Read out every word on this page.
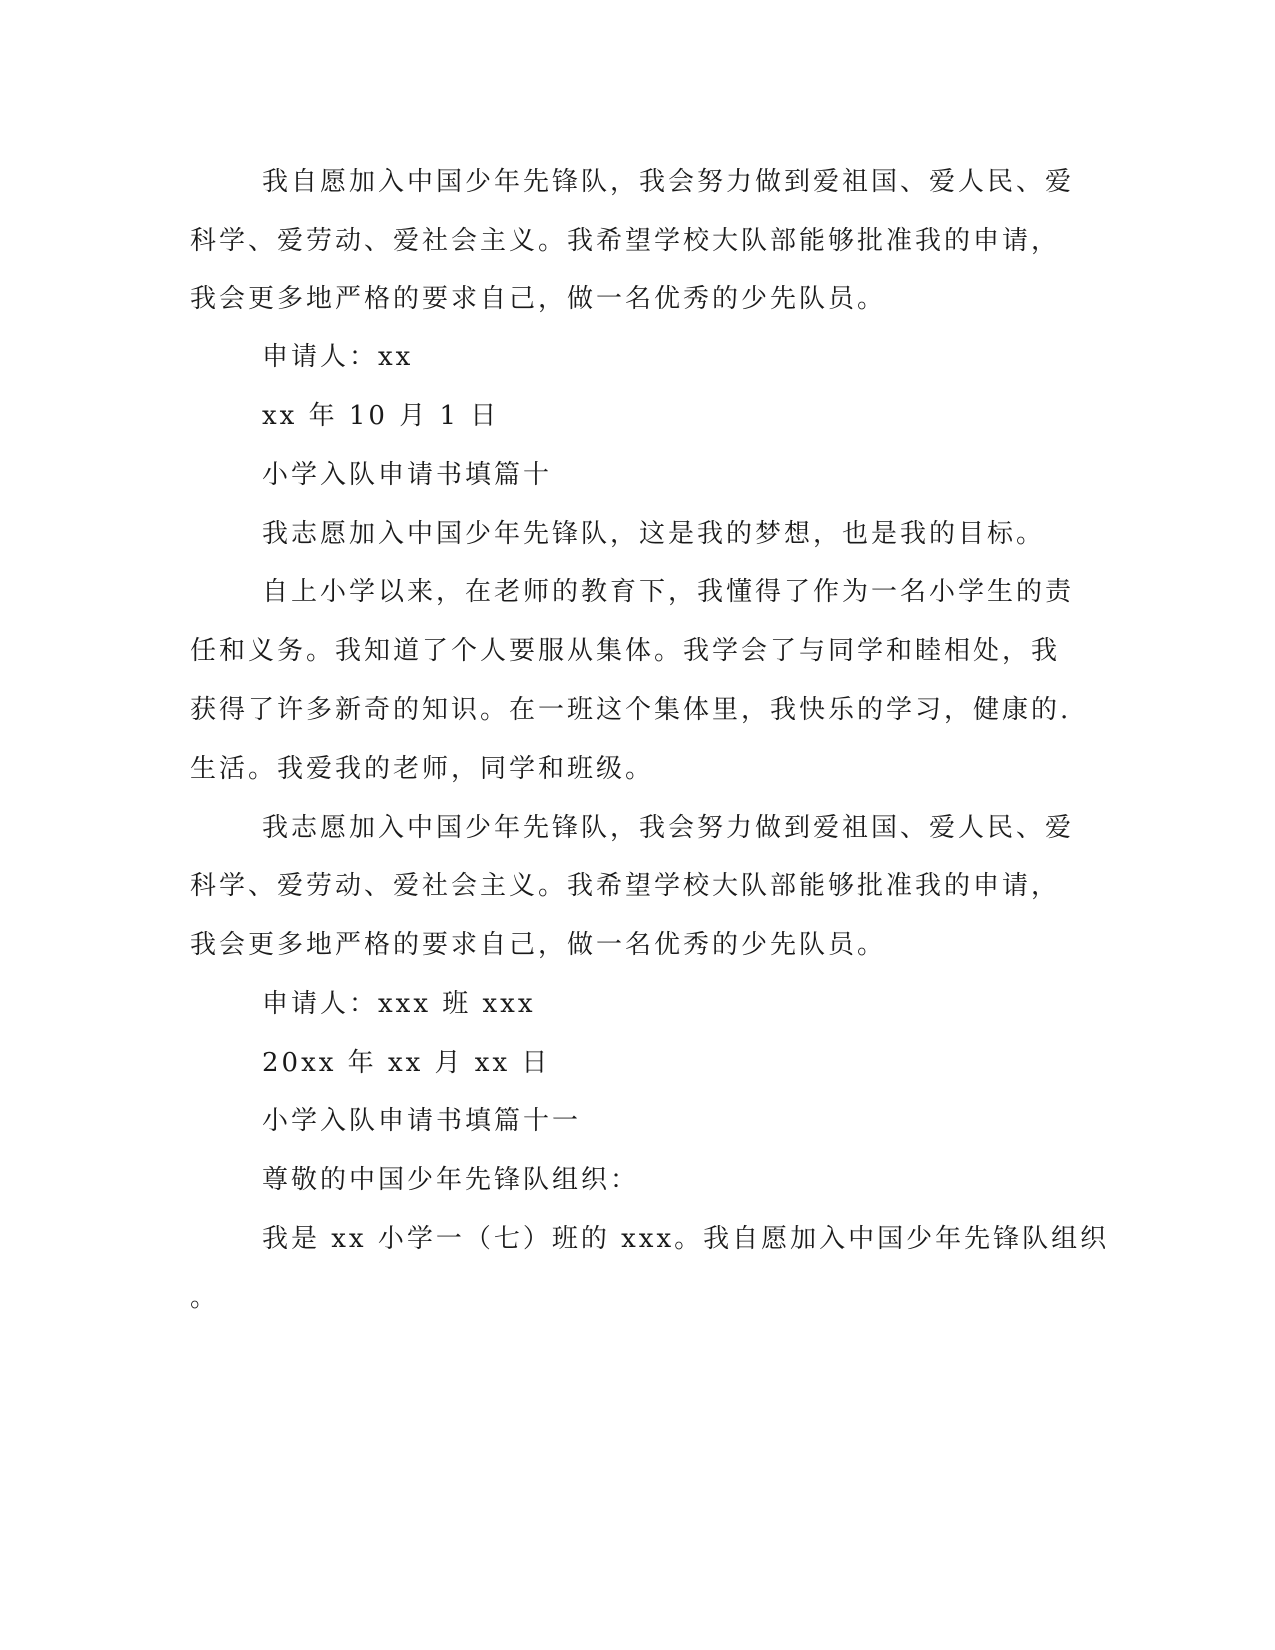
我自愿加入中国少年先锋队，我会努力做到爱祖国、爱人民、爱
科学、爱劳动、爱社会主义。我希望学校大队部能够批准我的申请，
我会更多地严格的要求自己，做一名优秀的少先队员。
申请人：xx
xx 年 10 月 1 日
小学入队申请书填篇十
我志愿加入中国少年先锋队，这是我的梦想，也是我的目标。
自上小学以来，在老师的教育下，我懂得了作为一名小学生的责
任和义务。我知道了个人要服从集体。我学会了与同学和睦相处，我
获得了许多新奇的知识。在一班这个集体里，我快乐的学习，健康的.
生活。我爱我的老师，同学和班级。
我志愿加入中国少年先锋队，我会努力做到爱祖国、爱人民、爱
科学、爱劳动、爱社会主义。我希望学校大队部能够批准我的申请，
我会更多地严格的要求自己，做一名优秀的少先队员。
申请人：xxx 班 xxx
20xx 年 xx 月 xx 日
小学入队申请书填篇十一
尊敬的中国少年先锋队组织：
我是 xx 小学一（七）班的 xxx。我自愿加入中国少年先锋队组织
。
